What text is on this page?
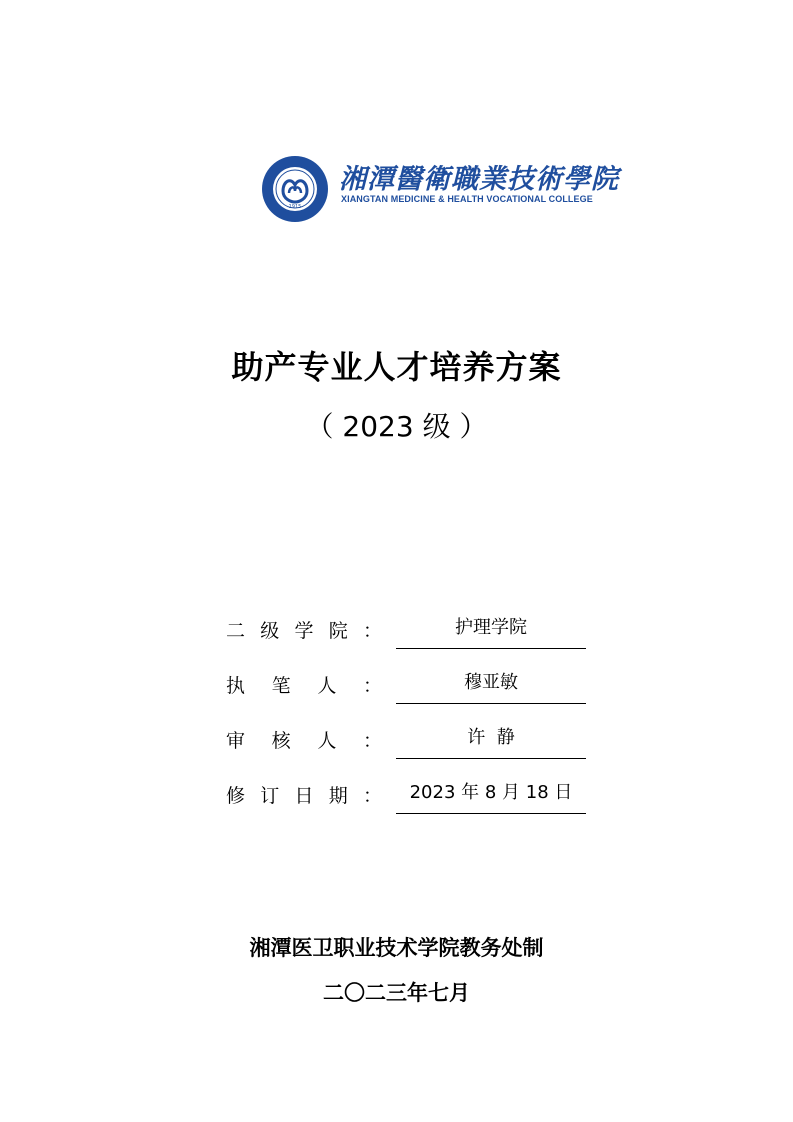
1915
湘潭醫衛職業技術學院
XIANGTAN MEDICINE & HEALTH VOCATIONAL COLLEGE
助产专业人才培养方案
（ 2023 级 ）
二 级 学 院 ：	护理学院
执 笔 人 ：	穆亚敏
审 核 人 ：	许  静
修 订 日 期 ：	2023 年 8 月 18 日
湘潭医卫职业技术学院教务处制
二〇二三年七月
